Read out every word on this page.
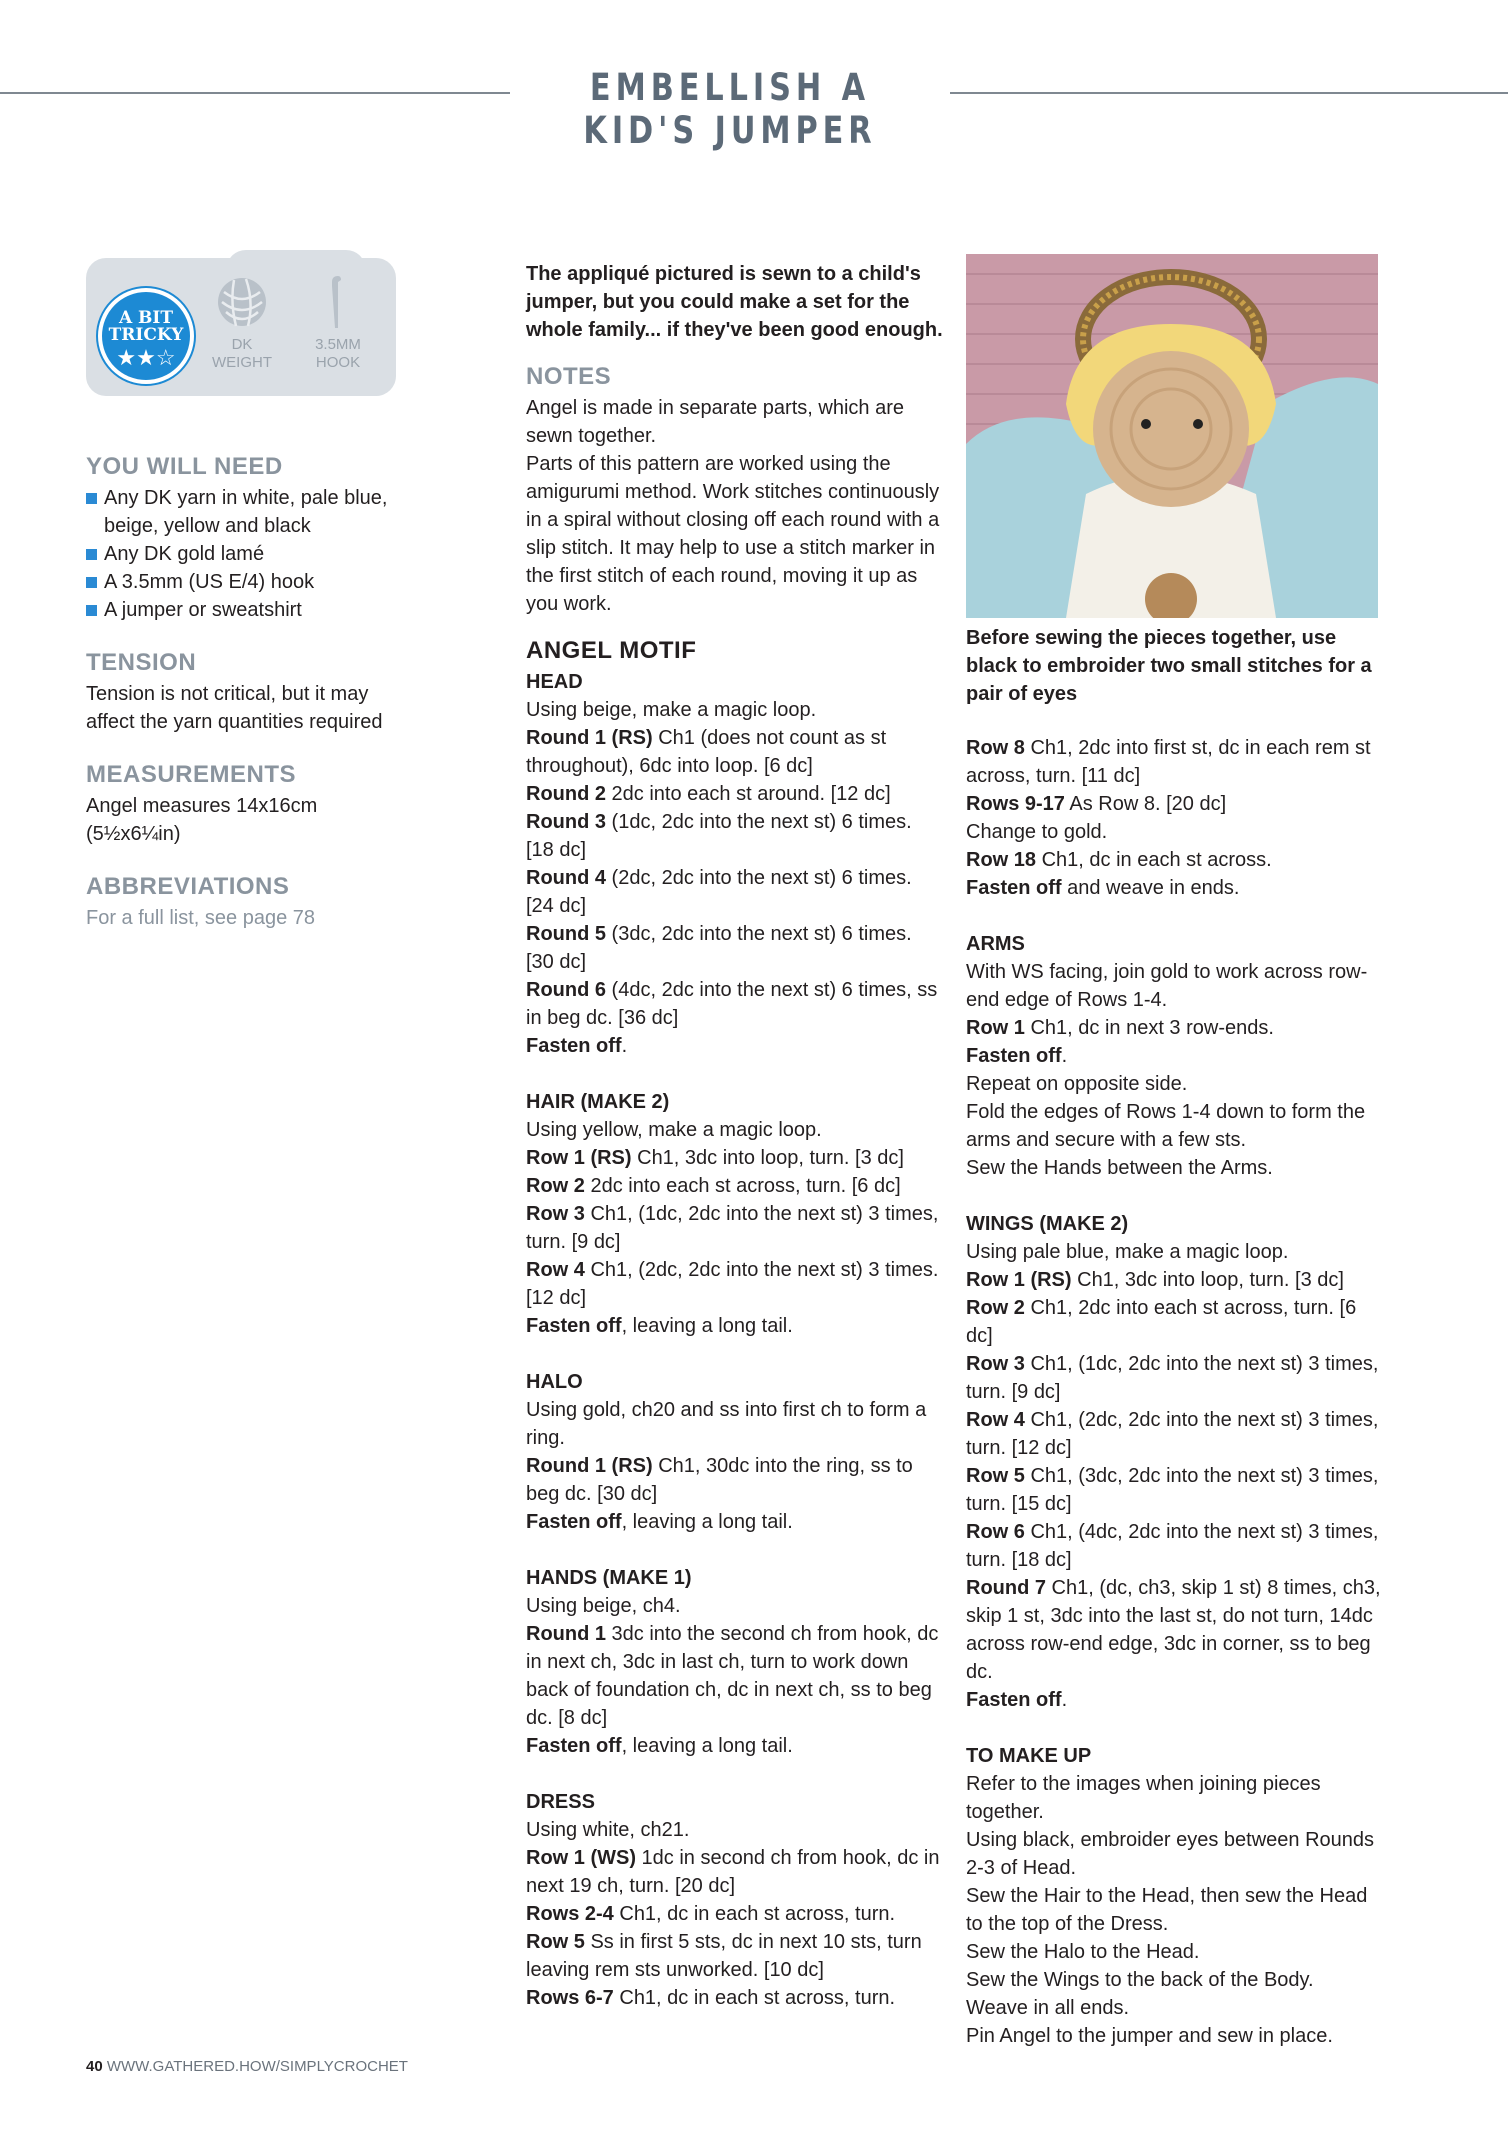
EMBELLISH A KID'S JUMPER
A BIT
TRICKY
★★☆
DK
WEIGHT
3.5MM
HOOK
YOU WILL NEED
Any DK yarn in white, pale blue, beige, yellow and black
Any DK gold lamé
A 3.5mm (US E/4) hook
A jumper or sweatshirt
TENSION

Tension is not critical, but it may affect the yarn quantities required

MEASUREMENTS

Angel measures 14x16cm (5½x6¼in)

ABBREVIATIONS

For a full list, see page 78

The appliqué pictured is sewn to a child's jumper, but you could make a set for the whole family... if they've been good enough.

NOTES

Angel is made in separate parts, which are sewn together.

Parts of this pattern are worked using the amigurumi method. Work stitches continuously in a spiral without closing off each round with a slip stitch. It may help to use a stitch marker in the first stitch of each round, moving it up as you work.

ANGEL MOTIF
HEAD

Using beige, make a magic loop.

Round 1 (RS) Ch1 (does not count as st throughout), 6dc into loop. [6 dc]

Round 2 2dc into each st around. [12 dc]

Round 3 (1dc, 2dc into the next st) 6 times. [18 dc]

Round 4 (2dc, 2dc into the next st) 6 times. [24 dc]

Round 5 (3dc, 2dc into the next st) 6 times. [30 dc]

Round 6 (4dc, 2dc into the next st) 6 times, ss in beg dc. [36 dc]

Fasten off.

HAIR (MAKE 2)

Using yellow, make a magic loop.

Row 1 (RS) Ch1, 3dc into loop, turn. [3 dc]

Row 2 2dc into each st across, turn. [6 dc]

Row 3 Ch1, (1dc, 2dc into the next st) 3 times, turn. [9 dc]

Row 4 Ch1, (2dc, 2dc into the next st) 3 times. [12 dc]

Fasten off, leaving a long tail.

HALO

Using gold, ch20 and ss into first ch to form a ring.

Round 1 (RS) Ch1, 30dc into the ring, ss to beg dc. [30 dc]

Fasten off, leaving a long tail.

HANDS (MAKE 1)

Using beige, ch4.

Round 1 3dc into the second ch from hook, dc in next ch, 3dc in last ch, turn to work down back of foundation ch, dc in next ch, ss to beg dc. [8 dc]

Fasten off, leaving a long tail.

DRESS

Using white, ch21.

Row 1 (WS) 1dc in second ch from hook, dc in next 19 ch, turn. [20 dc]

Rows 2-4 Ch1, dc in each st across, turn.

Row 5 Ss in first 5 sts, dc in next 10 sts, turn leaving rem sts unworked. [10 dc]

Rows 6-7 Ch1, dc in each st across, turn.

Before sewing the pieces together, use black to embroider two small stitches for a pair of eyes

Row 8 Ch1, 2dc into first st, dc in each rem st across, turn. [11 dc]

Rows 9-17 As Row 8. [20 dc]

Change to gold.

Row 18 Ch1, dc in each st across.

Fasten off and weave in ends.

ARMS

With WS facing, join gold to work across row-end edge of Rows 1-4.

Row 1 Ch1, dc in next 3 row-ends.

Fasten off.

Repeat on opposite side.

Fold the edges of Rows 1-4 down to form the arms and secure with a few sts.

Sew the Hands between the Arms.

WINGS (MAKE 2)

Using pale blue, make a magic loop.

Row 1 (RS) Ch1, 3dc into loop, turn. [3 dc]

Row 2 Ch1, 2dc into each st across, turn. [6 dc]

Row 3 Ch1, (1dc, 2dc into the next st) 3 times, turn. [9 dc]

Row 4 Ch1, (2dc, 2dc into the next st) 3 times, turn. [12 dc]

Row 5 Ch1, (3dc, 2dc into the next st) 3 times, turn. [15 dc]

Row 6 Ch1, (4dc, 2dc into the next st) 3 times, turn. [18 dc]

Round 7 Ch1, (dc, ch3, skip 1 st) 8 times, ch3, skip 1 st, 3dc into the last st, do not turn, 14dc across row-end edge, 3dc in corner, ss to beg dc.

Fasten off.

TO MAKE UP

Refer to the images when joining pieces together.

Using black, embroider eyes between Rounds 2-3 of Head.

Sew the Hair to the Head, then sew the Head to the top of the Dress.

Sew the Halo to the Head.

Sew the Wings to the back of the Body.

Weave in all ends.

Pin Angel to the jumper and sew in place.

40 WWW.GATHERED.HOW/SIMPLYCROCHET
